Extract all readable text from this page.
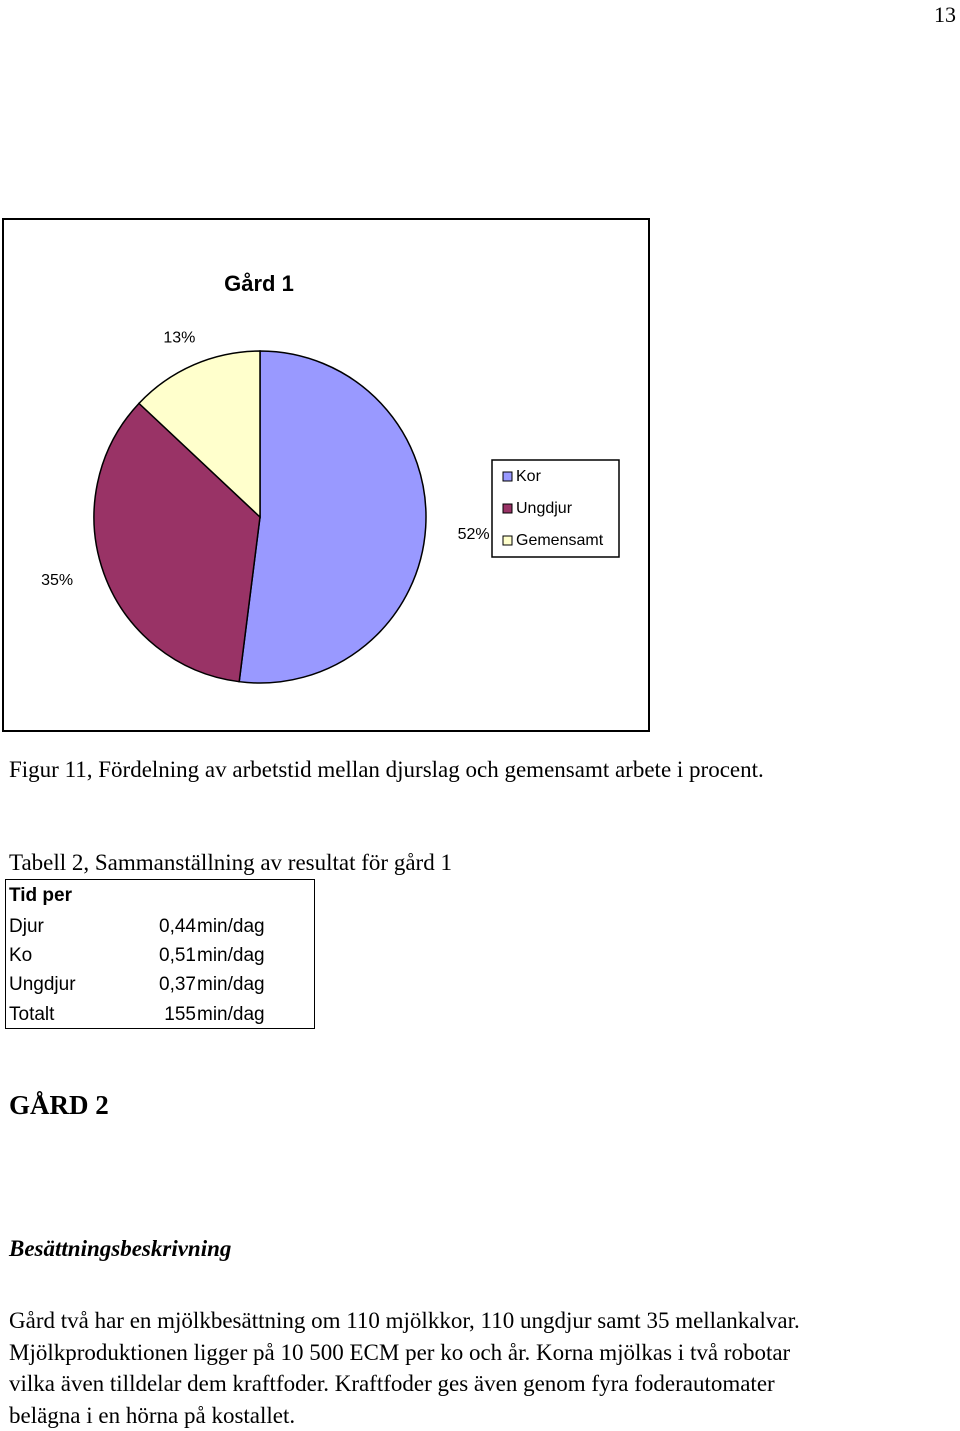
13
Gård 1
52%
35%
13%
Kor
Ungdjur
Gemensamt
Figur 11, Fördelning av arbetstid mellan djurslag och gemensamt arbete i procent.
Tabell 2, Sammanställning av resultat för gård 1
Tid per
Djur	0,44 min/dag
Ko	0,51 min/dag
Ungdjur	0,37 min/dag
Totalt	155 min/dag
GÅRD 2
Besättningsbeskrivning
Gård två har en mjölkbesättning om 110 mjölkkor, 110 ungdjur samt 35 mellankalvar.
Mjölkproduktionen ligger på 10 500 ECM per ko och år. Korna mjölkas i två robotar
vilka även tilldelar dem kraftfoder. Kraftfoder ges även genom fyra foderautomater
belägna i en hörna på kostallet.
